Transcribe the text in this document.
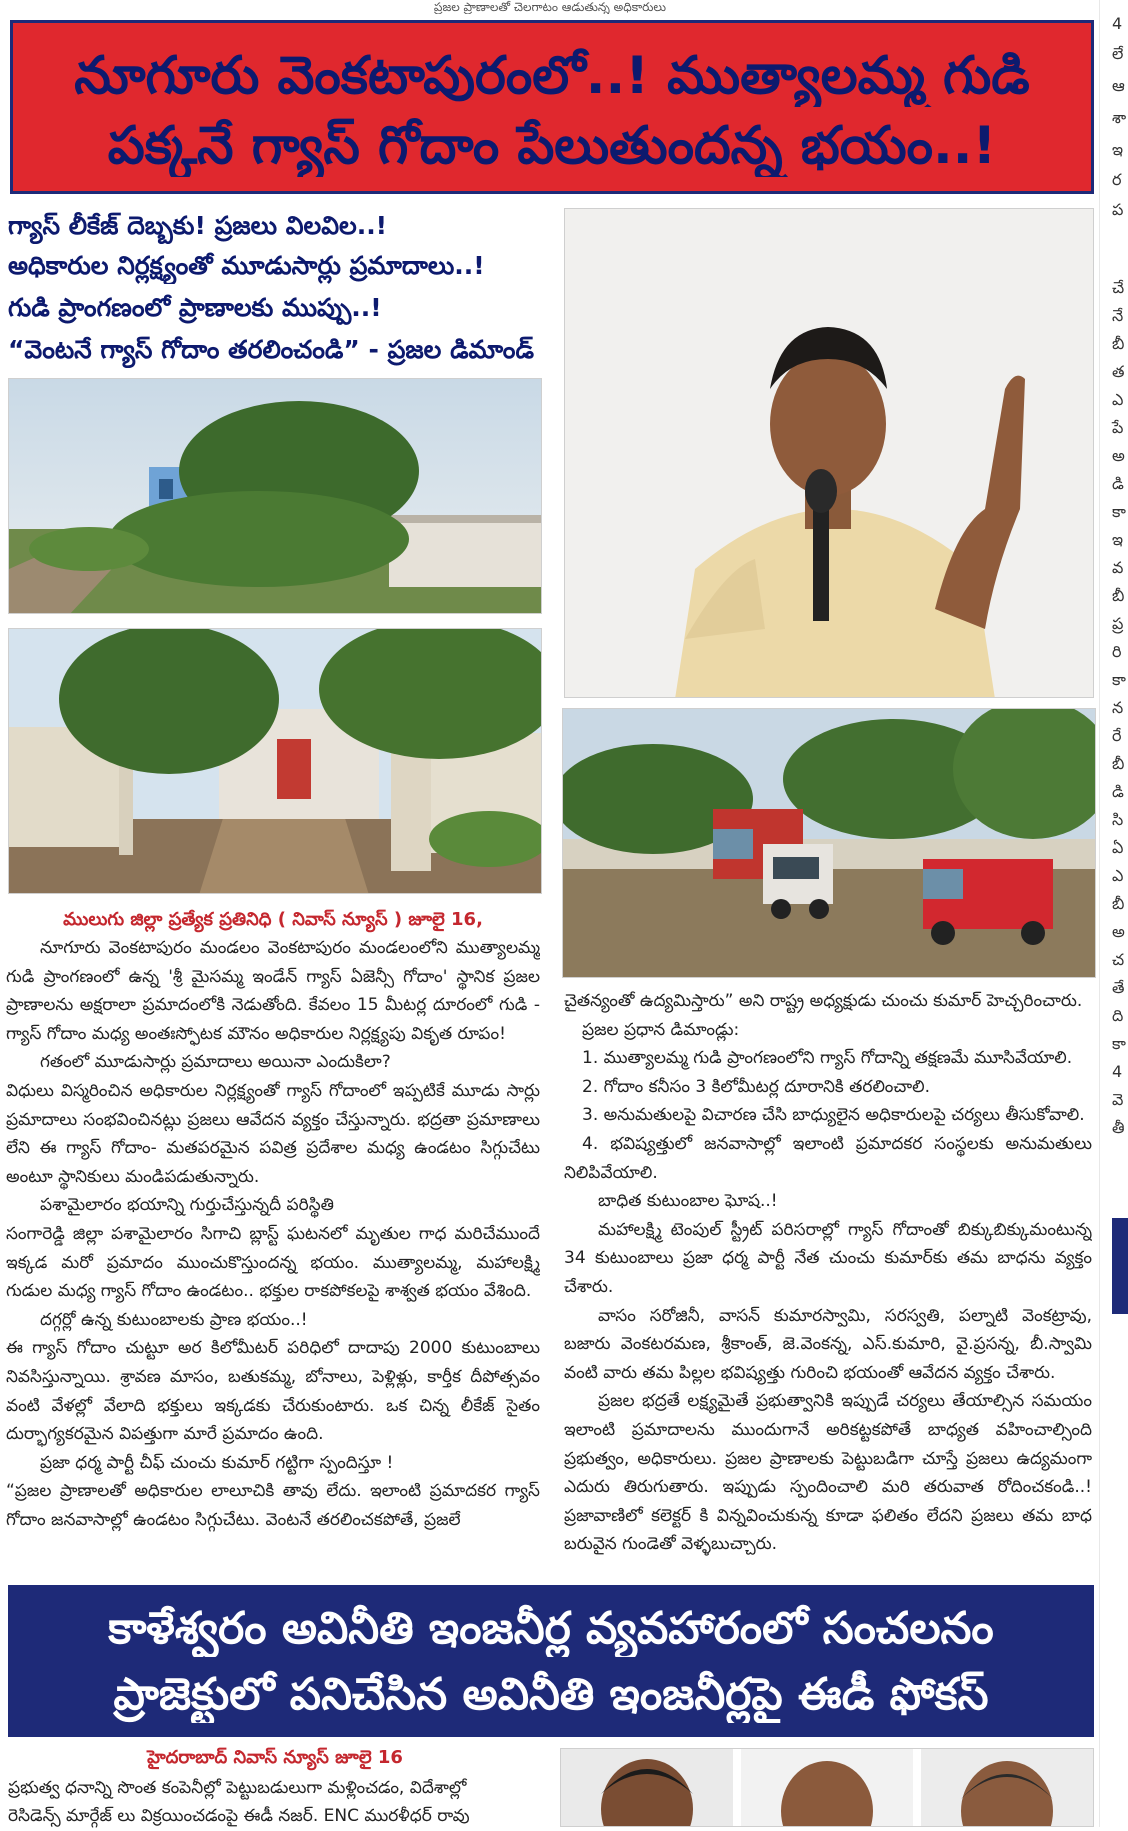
ప్రజల ప్రాణాలతో చెలగాటం ఆడుతున్న అధికారులు
నూగూరు వెంకటాపురంలో..! ముత్యాలమ్మ గుడి
పక్కనే గ్యాస్ గోదాం పేలుతుందన్న భయం..!
గ్యాస్ లీకేజ్ దెబ్బకు! ప్రజలు విలవిల..!
అధికారుల నిర్లక్ష్యంతో మూడుసార్లు ప్రమాదాలు..!
గుడి ప్రాంగణంలో ప్రాణాలకు ముప్పు..!
“వెంటనే గ్యాస్ గోదాం తరలించండి” - ప్రజల డిమాండ్
ములుగు జిల్లా ప్రత్యేక ప్రతినిధి ( నివాస్ న్యూస్ ) జూలై 16,

నూగూరు వెంకటాపురం మండలం వెంకటాపురం మండలంలోని ముత్యాలమ్మ గుడి ప్రాంగణంలో ఉన్న 'శ్రీ మైసమ్మ ఇండేన్ గ్యాస్ ఏజెన్సీ గోదాం' స్థానిక ప్రజల ప్రాణాలను అక్షరాలా ప్రమాదంలోకి నెడుతోంది. కేవలం 15 మీటర్ల దూరంలో గుడి - గ్యాస్ గోదాం మధ్య అంతఃస్ఫోటక మౌనం అధికారుల నిర్లక్ష్యపు వికృత రూపం!

గతంలో మూడుసార్లు ప్రమాదాలు అయినా ఎందుకిలా?

విధులు విస్మరించిన అధికారుల నిర్లక్ష్యంతో గ్యాస్ గోదాంలో ఇప్పటికే మూడు సార్లు ప్రమాదాలు సంభవించినట్లు ప్రజలు ఆవేదన వ్యక్తం చేస్తున్నారు. భద్రతా ప్రమాణాలు లేని ఈ గ్యాస్ గోదాం- మతపరమైన పవిత్ర ప్రదేశాల మధ్య ఉండటం సిగ్గుచేటు అంటూ స్థానికులు మండిపడుతున్నారు.

పశామైలారం భయాన్ని గుర్తుచేస్తున్నదీ పరిస్థితి

సంగారెడ్డి జిల్లా పశామైలారం సిగాచి బ్లాస్ట్ ఘటనలో మృతుల గాధ మరిచేముందే ఇక్కడ మరో ప్రమాదం ముంచుకొస్తుందన్న భయం. ముత్యాలమ్మ, మహాలక్ష్మి గుడుల మధ్య గ్యాస్ గోదాం ఉండటం.. భక్తుల రాకపోకలపై శాశ్వత భయం వేశింది.

దగ్గర్లో ఉన్న కుటుంబాలకు ప్రాణ భయం..!

ఈ గ్యాస్ గోదాం చుట్టూ అర కిలోమీటర్ పరిధిలో దాదాపు 2000 కుటుంబాలు నివసిస్తున్నాయి. శ్రావణ మాసం, బతుకమ్మ, బోనాలు, పెళ్లిళ్లు, కార్తీక దీపోత్సవం వంటి వేళల్లో వేలాది భక్తులు ఇక్కడకు చేరుకుంటారు. ఒక చిన్న లీకేజ్ సైతం దుర్భాగ్యకరమైన విపత్తుగా మారే ప్రమాదం ఉంది.

ప్రజా ధర్మ పార్టీ చీఫ్ చుంచు కుమార్ గట్టిగా స్పందిస్తూ !

“ప్రజల ప్రాణాలతో అధికారుల లాలూచికి తావు లేదు. ఇలాంటి ప్రమాదకర గ్యాస్ గోదాం జనవాసాల్లో ఉండటం సిగ్గుచేటు. వెంటనే తరలించకపోతే, ప్రజలే

చైతన్యంతో ఉద్యమిస్తారు” అని రాష్ట్ర అధ్యక్షుడు చుంచు కుమార్ హెచ్చరించారు.

ప్రజల ప్రధాన డిమాండ్లు:

1. ముత్యాలమ్మ గుడి ప్రాంగణంలోని గ్యాస్ గోదాన్ని తక్షణమే మూసివేయాలి.

2. గోదాం కనీసం 3 కిలోమీటర్ల దూరానికి తరలించాలి.

3. అనుమతులపై విచారణ చేసి బాధ్యులైన అధికారులపై చర్యలు తీసుకోవాలి.

4. భవిష్యత్తులో జనవాసాల్లో ఇలాంటి ప్రమాదకర సంస్థలకు అనుమతులు నిలిపివేయాలి.

బాధిత కుటుంబాల ఘోష..!

మహాలక్ష్మి టెంపుల్ స్ట్రీట్ పరిసరాల్లో గ్యాస్ గోదాంతో బిక్కుబిక్కుమంటున్న 34 కుటుంబాలు ప్రజా ధర్మ పార్టీ నేత చుంచు కుమార్‌కు తమ బాధను వ్యక్తం చేశారు.

వాసం సరోజినీ, వాసన్ కుమారస్వామి, సరస్వతి, పల్నాటి వెంకట్రావు, బజారు వెంకటరమణ, శ్రీకాంత్, జె.వెంకన్న, ఎస్.కుమారి, వై.ప్రసన్న, బీ.స్వామి వంటి వారు తమ పిల్లల భవిష్యత్తు గురించి భయంతో ఆవేదన వ్యక్తం చేశారు.

ప్రజల భద్రతే లక్ష్యమైతే ప్రభుత్వానికి ఇప్పుడే చర్యలు తేయాల్సిన సమయం ఇలాంటి ప్రమాదాలను ముందుగానే అరికట్టకపోతే బాధ్యత వహించాల్సింది ప్రభుత్వం, అధికారులు. ప్రజల ప్రాణాలకు పెట్టుబడిగా చూస్తే ప్రజలు ఉద్యమంగా ఎదురు తిరుగుతారు. ఇప్పుడు స్పందించాలి మరి తరువాత రోదించకండి..! ప్రజావాణిలో కలెక్టర్ కి విన్నవించుకున్న కూడా ఫలితం లేదని ప్రజలు తమ బాధ బరువైన గుండెతో వెళ్ళబుచ్చారు.

కాళేశ్వరం అవినీతి ఇంజనీర్ల వ్యవహారంలో సంచలనం
ప్రాజెక్టులో పనిచేసిన అవినీతి ఇంజనీర్లపై ఈడీ ఫోకస్
హైదరాబాద్ నివాస్ న్యూస్ జూలై 16
ప్రభుత్వ ధనాన్ని సొంత కంపెనీల్లో పెట్టుబడులుగా మళ్లించడం, విదేశాల్లో
రెసిడెన్స్ మార్గేజ్ లు విక్రయించడంపై ఈడీ నజర్. ENC మురళీధర్ రావు
4
లే
ఆ
శా
ఇ
ర
ప
చే
నే
బీ
త
ఎ
పే
అ
డి
కా
ఇ
వ
బీ
ప్ర
రి
కా
న
రే
బీ
డి
సి
ఏ
ఎ
బీ
అ
చ
తే
ది
కా
4
వె
తీ
